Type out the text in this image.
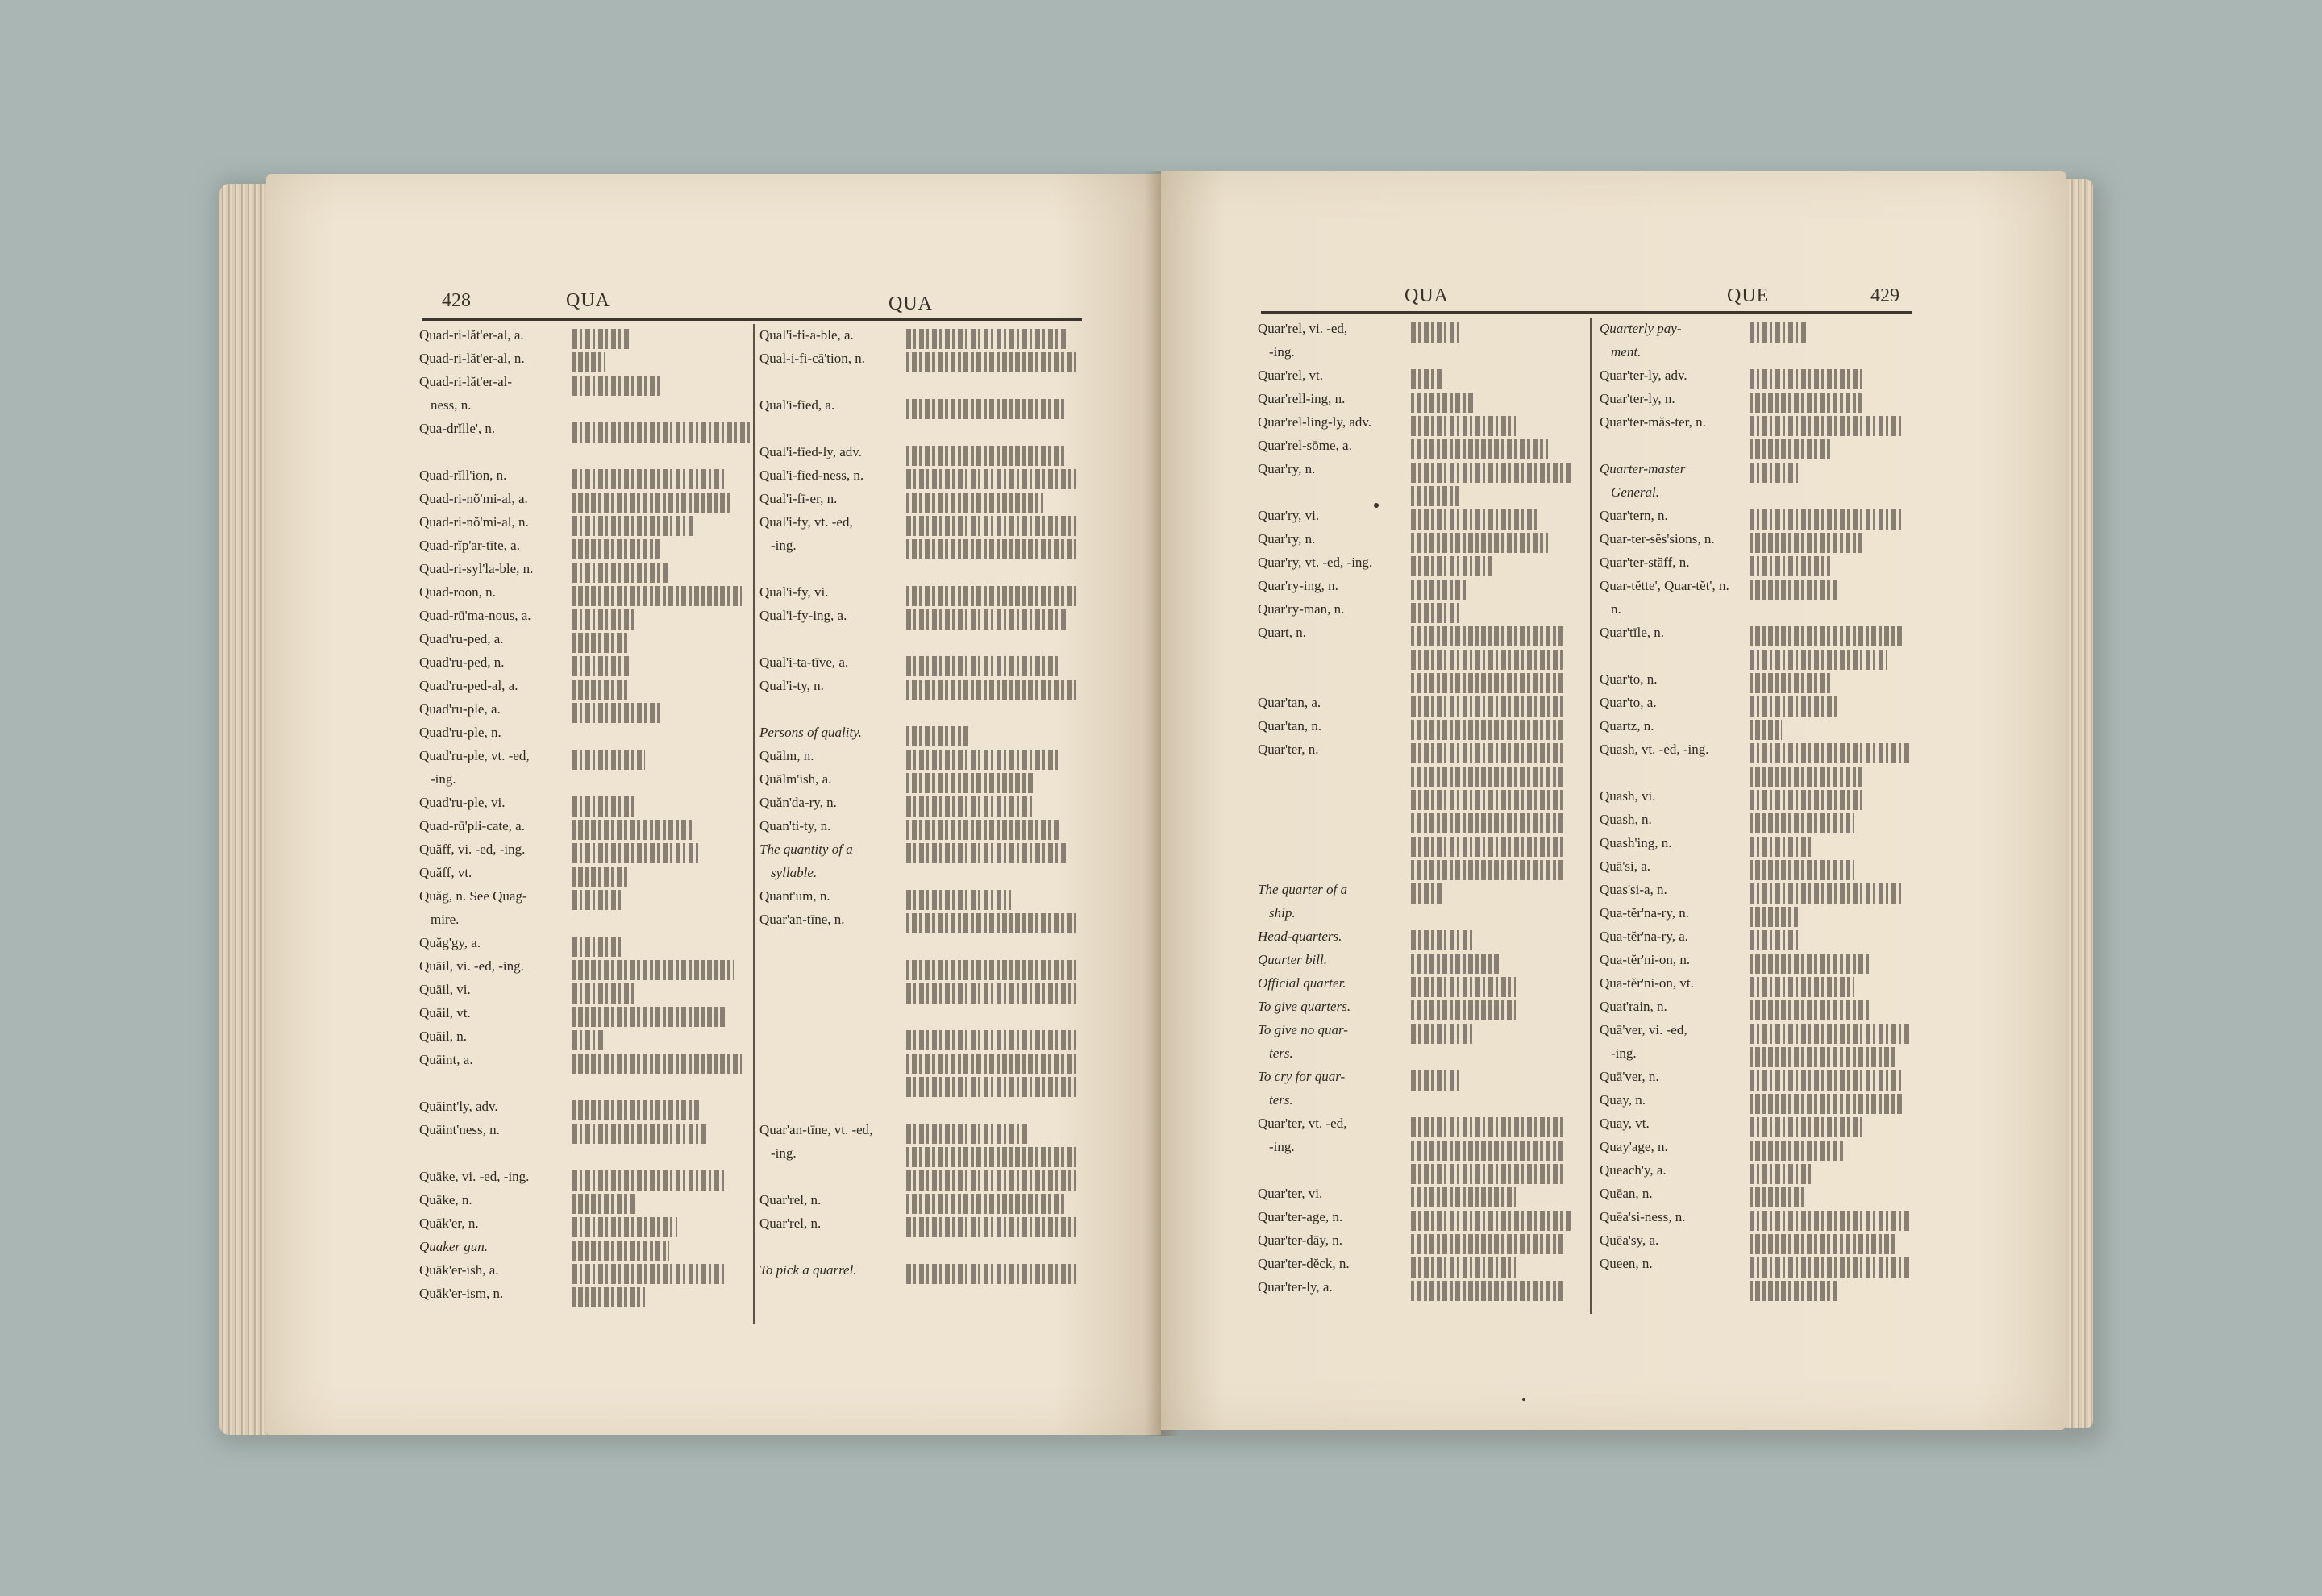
428	QUA	QUA
Quad-ri-lăt'er-al, a.
Quad-ri-lăt'er-al, n.
Quad-ri-lăt'er-al-
ness, n.
Qua-drĭlle', n.
Quad-rĭll'ion, n.
Quad-ri-nŏ'mi-al, a.
Quad-ri-nŏ'mi-al, n.
Quad-rĭp'ar-tīte, a.
Quad-ri-syl'la-ble, n.
Quad-roon, n.
Quad-rū'ma-nous, a.
Quad'ru-ped, a.
Quad'ru-ped, n.
Quad'ru-ped-al, a.
Quad'ru-ple, a.
Quad'ru-ple, n.
Quad'ru-ple, vt. -ed,
-ing.
Quad'ru-ple, vi.
Quad-rū'pli-cate, a.
Quăff, vi. -ed, -ing.
Quăff, vt.
Quăg, n. See Quag-
mire.
Quăg'gy, a.
Quāil, vi. -ed, -ing.
Quāil, vi.
Quāil, vt.
Quāil, n.
Quāint, a.
Quāint'ly, adv.
Quāint'ness, n.
Quāke, vi. -ed, -ing.
Quāke, n.
Quāk'er, n.
Quaker gun.
Quāk'er-ish, a.
Quāk'er-ism, n.
Qual'i-fi-a-ble, a.
Qual-i-fi-cā'tion, n.
Qual'i-fīed, a.
Qual'i-fīed-ly, adv.
Qual'i-fīed-ness, n.
Qual'i-fī-er, n.
Qual'i-fy, vt. -ed,
-ing.
Qual'i-fy, vi.
Qual'i-fy-ing, a.
Qual'i-ta-tīve, a.
Qual'i-ty, n.
Persons of quality.
Quālm, n.
Quālm'ish, a.
Quăn'da-ry, n.
Quan'ti-ty, n.
The quantity of a
syllable.
Quant'um, n.
Quar'an-tīne, n.
Quar'an-tīne, vt. -ed,
-ing.
Quar'rel, n.
Quar'rel, n.
To pick a quarrel.
QUA	QUE	429
Quar'rel, vi. -ed,
-ing.
Quar'rel, vt.
Quar'rell-ing, n.
Quar'rel-ling-ly, adv.
Quar'rel-sōme, a.
Quar'ry, n.
Quar'ry, vi.
Quar'ry, n.
Quar'ry, vt. -ed, -ing.
Quar'ry-ing, n.
Quar'ry-man, n.
Quart, n.
Quar'tan, a.
Quar'tan, n.
Quar'ter, n.
The quarter of a
ship.
Head-quarters.
Quarter bill.
Official quarter.
To give quarters.
To give no quar-
ters.
To cry for quar-
ters.
Quar'ter, vt. -ed,
-ing.
Quar'ter, vi.
Quar'ter-age, n.
Quar'ter-dāy, n.
Quar'ter-dĕck, n.
Quar'ter-ly, a.
Quarterly pay-
ment.
Quar'ter-ly, adv.
Quar'ter-ly, n.
Quar'ter-măs-ter, n.
Quarter-master
General.
Quar'tern, n.
Quar-ter-sĕs'sions, n.
Quar'ter-stăff, n.
Quar-tĕtte', Quar-tĕt', n.
n.
Quar'tīle, n.
Quar'to, n.
Quar'to, a.
Quartz, n.
Quash, vt. -ed, -ing.
Quash, vi.
Quash, n.
Quash'ing, n.
Quā'si, a.
Quas'si-a, n.
Qua-tĕr'na-ry, n.
Qua-tĕr'na-ry, a.
Qua-tĕr'ni-on, n.
Qua-tĕr'ni-on, vt.
Quat'rain, n.
Quā'ver, vi. -ed,
-ing.
Quā'ver, n.
Quay, n.
Quay, vt.
Quay'age, n.
Queach'y, a.
Quēan, n.
Quēa'si-ness, n.
Quēa'sy, a.
Queen, n.
